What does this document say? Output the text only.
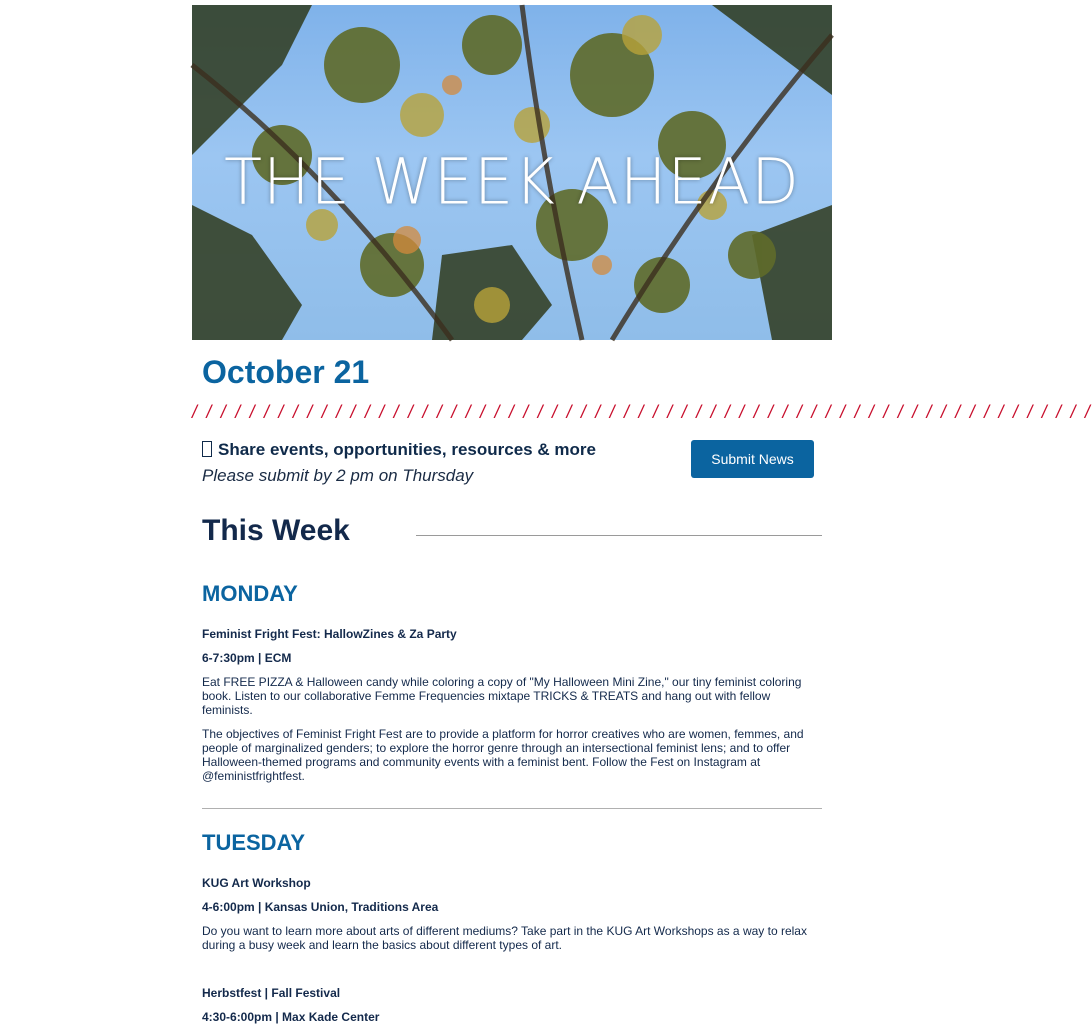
THE WEEK AHEAD
October 21
/ / / / / / / / / / / / / / / / / / / / / / / / / / / / / / / / / / / / / / / / / / / / / / / / / / / / / / / / / / / / / / /
Share events, opportunities, resources & more
Please submit by 2 pm on Thursday
Submit News
This Week
MONDAY
Feminist Fright Fest: HallowZines & Za Party
6-7:30pm | ECM
Eat FREE PIZZA & Halloween candy while coloring a copy of "My Halloween Mini Zine," our tiny feminist coloring book. Listen to our collaborative Femme Frequencies mixtape TRICKS & TREATS and hang out with fellow feminists.
The objectives of Feminist Fright Fest are to provide a platform for horror creatives who are women, femmes, and people of marginalized genders; to explore the horror genre through an intersectional feminist lens; and to offer Halloween-themed programs and community events with a feminist bent. Follow the Fest on Instagram at @feministfrightfest.
TUESDAY
KUG Art Workshop
4-6:00pm | Kansas Union, Traditions Area
Do you want to learn more about arts of different mediums? Take part in the KUG Art Workshops as a way to relax during a busy week and learn the basics about different types of art.
Herbstfest | Fall Festival
4:30-6:00pm | Max Kade Center
